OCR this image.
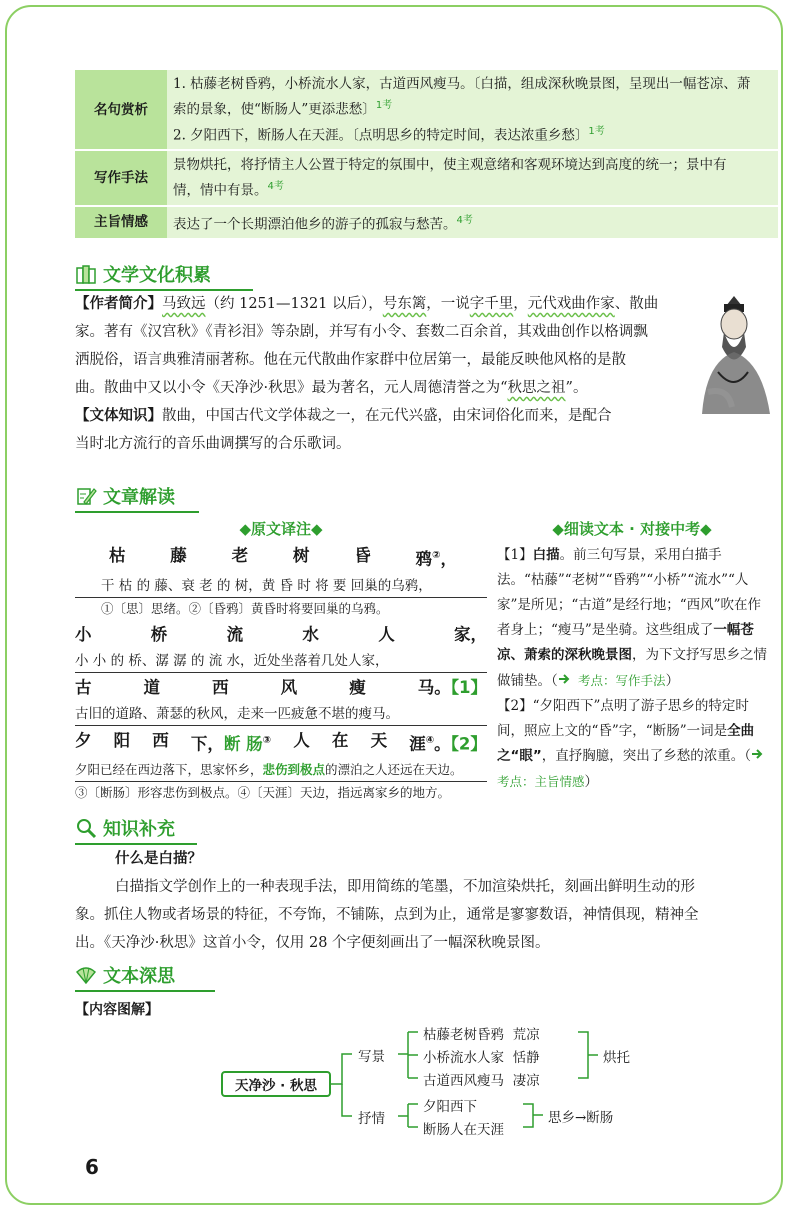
名句赏析	1. 枯藤老树昏鸦，小桥流水人家，古道西风瘦马。〔白描，组成深秋晚景图，呈现出一幅苍凉、萧
索的景象，使“断肠人”更添悲愁〕$^{1考}$
2. 夕阳西下，断肠人在天涯。〔点明思乡的特定时间，表达浓重乡愁〕$^{1考}$

写作手法	景物烘托，将抒情主人公置于特定的氛围中，使主观意绪和客观环境达到高度的统一；景中有
情，情中有景。$^{4考}$

主旨情感	表达了一个长期漂泊他乡的游子的孤寂与愁苦。$^{4考}$
文学文化积累
【作者简介】马致远（约 1251—1321 以后），号东篱，一说字千里，元代戏曲作家、散曲
家。著有《汉宫秋》《青衫泪》等杂剧，并写有小令、套数二百余首，其戏曲创作以格调飘
洒脱俗，语言典雅清丽著称。他在元代散曲作家群中位居第一，最能反映他风格的是散
曲。散曲中又以小令《天净沙·秋思》最为著名，元人周德清誉之为“秋思之祖”。
【文体知识】散曲，中国古代文学体裁之一，在元代兴盛，由宋词俗化而来，是配合
当时北方流行的音乐曲调撰写的合乐歌词。
文章解读
◆原文译注◆
枯	藤	老	树	昏	鸦②，
干 枯 的 藤、衰 老 的 树，黄 昏 时 将 要 回巢的乌鸦，
①〔思〕思绪。②〔昏鸦〕黄昏时将要回巢的乌鸦。
小	桥	流	水	人	家，
小 小 的 桥、潺 潺 的 流 水，近处坐落着几处人家，
古	道	西	风	瘦	马。【1】
古旧的道路、萧瑟的秋风，走来一匹疲惫不堪的瘦马。
夕 阳 西 下，断 肠③ 人 在 天 涯④。【2】
夕阳已经在西边落下，思家怀乡，悲伤到极点的漂泊之人还远在天边。
③〔断肠〕形容悲伤到极点。④〔天涯〕天边，指远离家乡的地方。
◆细读文本 · 对接中考◆
【1】白描。前三句写景，采用白描手法。“枯藤”“老树”“昏鸦”“小桥”“流水”“人家”是所见；“古道”是经行地；“西风”吹在作者身上；“瘦马”是坐骑。这些组成了一幅苍凉、萧索的深秋晚景图，为下文抒写思乡之情做铺垫。（ 考点：写作手法）
【2】“夕阳西下”点明了游子思乡的特定时间，照应上文的“昏”字，“断肠”一词是全曲之“眼”，直抒胸臆，突出了乡愁的浓重。（ 考点：主旨情感）
知识补充
什么是白描？
白描指文学创作上的一种表现手法，即用简练的笔墨，不加渲染烘托，刻画出鲜明生动的形
象。抓住人物或者场景的特征，不夸饰，不铺陈，点到为止，通常是寥寥数语，神情俱现，精神全
出。《天净沙·秋思》这首小令，仅用 28 个字便刻画出了一幅深秋晚景图。
文本深思
【内容图解】
天净沙 · 秋思
写景
抒情
枯藤老树昏鸦  荒凉
小桥流水人家  恬静
古道西风瘦马  凄凉
烘托
夕阳西下
断肠人在天涯
思乡→断肠
6
